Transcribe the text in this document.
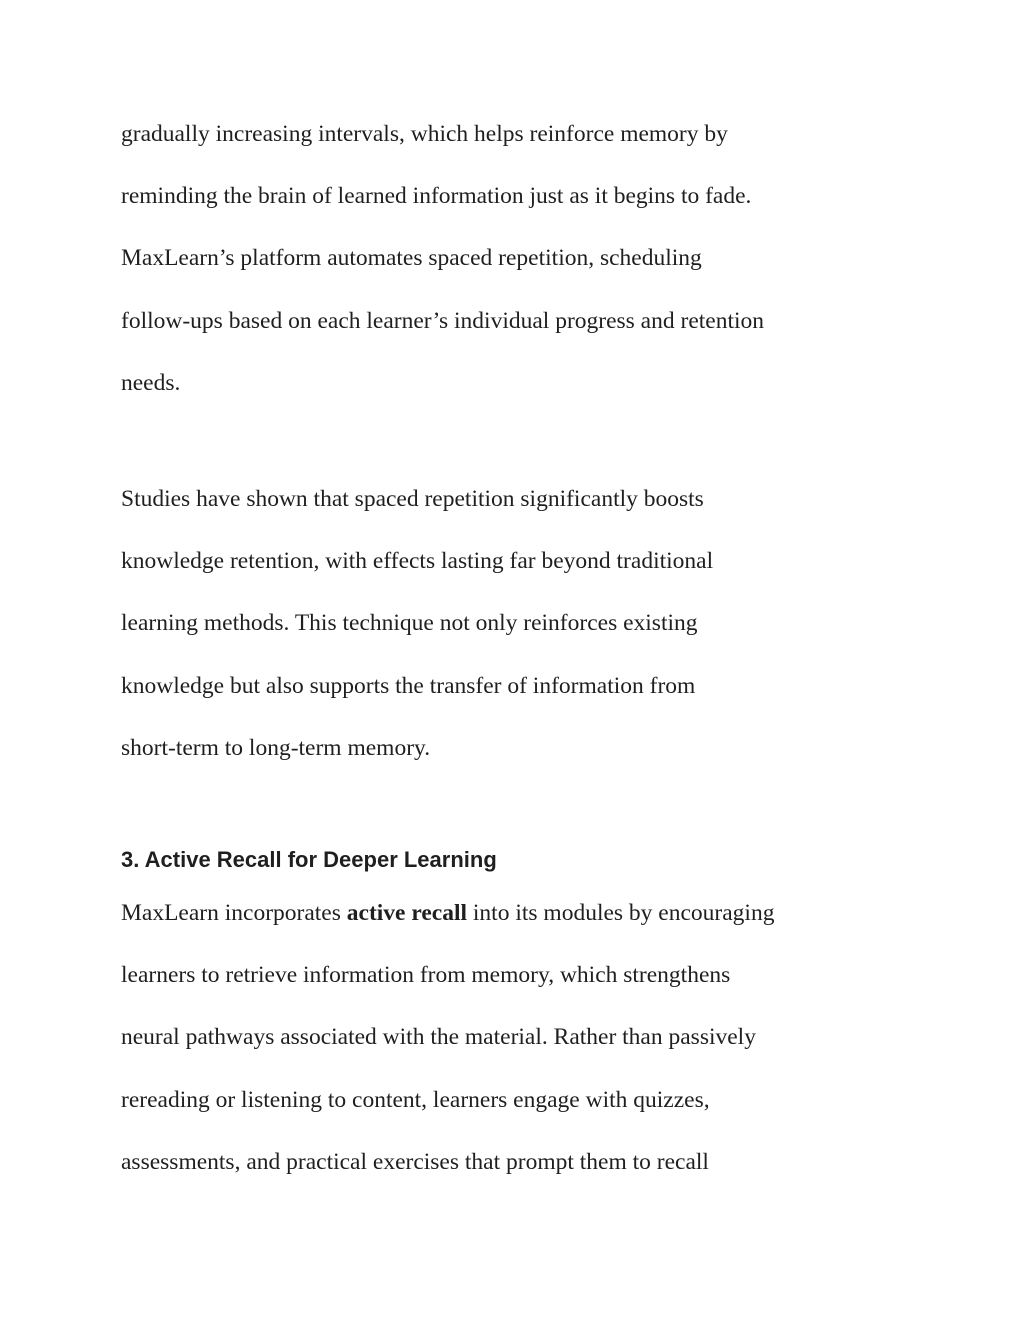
gradually increasing intervals, which helps reinforce memory by
reminding the brain of learned information just as it begins to fade.
MaxLearn’s platform automates spaced repetition, scheduling
follow-ups based on each learner’s individual progress and retention
needs.
Studies have shown that spaced repetition significantly boosts
knowledge retention, with effects lasting far beyond traditional
learning methods. This technique not only reinforces existing
knowledge but also supports the transfer of information from
short-term to long-term memory.
3. Active Recall for Deeper Learning
MaxLearn incorporates active recall into its modules by encouraging
learners to retrieve information from memory, which strengthens
neural pathways associated with the material. Rather than passively
rereading or listening to content, learners engage with quizzes,
assessments, and practical exercises that prompt them to recall
